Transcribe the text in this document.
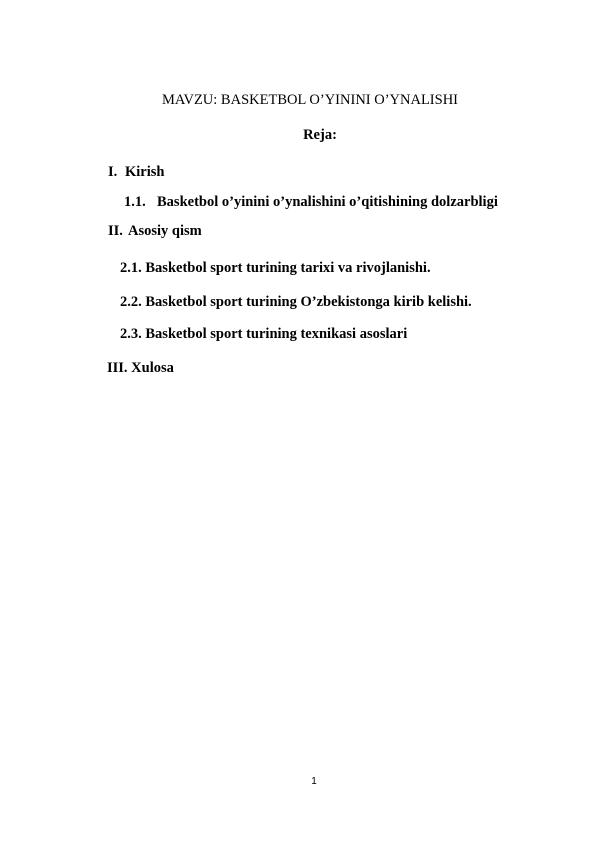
MAVZU: BASKETBOL O’YININI O’YNALISHI
Reja:
I. Kirish
1.1. Basketbol o’yinini o’ynalishini o’qitishining dolzarbligi
II. Asosiy qism
2.1. Basketbol sport turining tarixi va rivojlanishi.
2.2. Basketbol sport turining O’zbekistonga kirib kelishi.
2.3. Basketbol sport turining texnikasi asoslari
III. Xulosa
1
